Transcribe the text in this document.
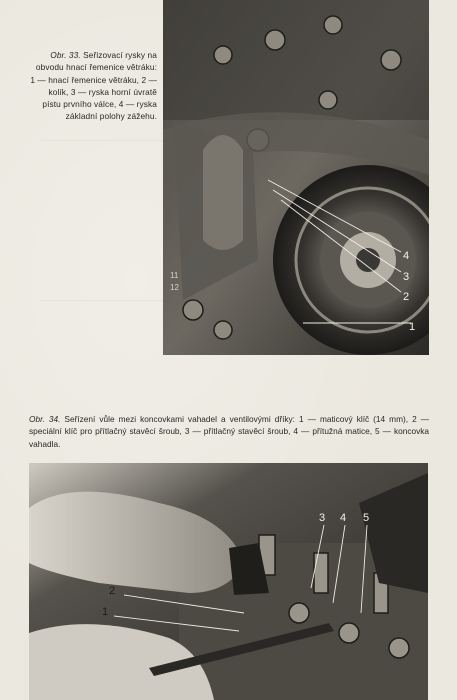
4
3
2
1
11
12
Obr. 33. Seřizovací rysky na obvodu hnací řemenice větráku: 1 — hnací řemenice větráku, 2 — kolík, 3 — ryska horní úvratě pístu prvního válce, 4 — ryska základní polohy zážehu.
Obr. 34. Seřízení vůle mezi koncovkami vahadel a ventilovými dříky: 1 — maticový klíč (14 mm), 2 — speciální klíč pro přítlačný stavěcí šroub, 3 — přítlačný stavěcí šroub, 4 — přítužná matice, 5 — koncovka vahadla.
3 4 5
2
1
